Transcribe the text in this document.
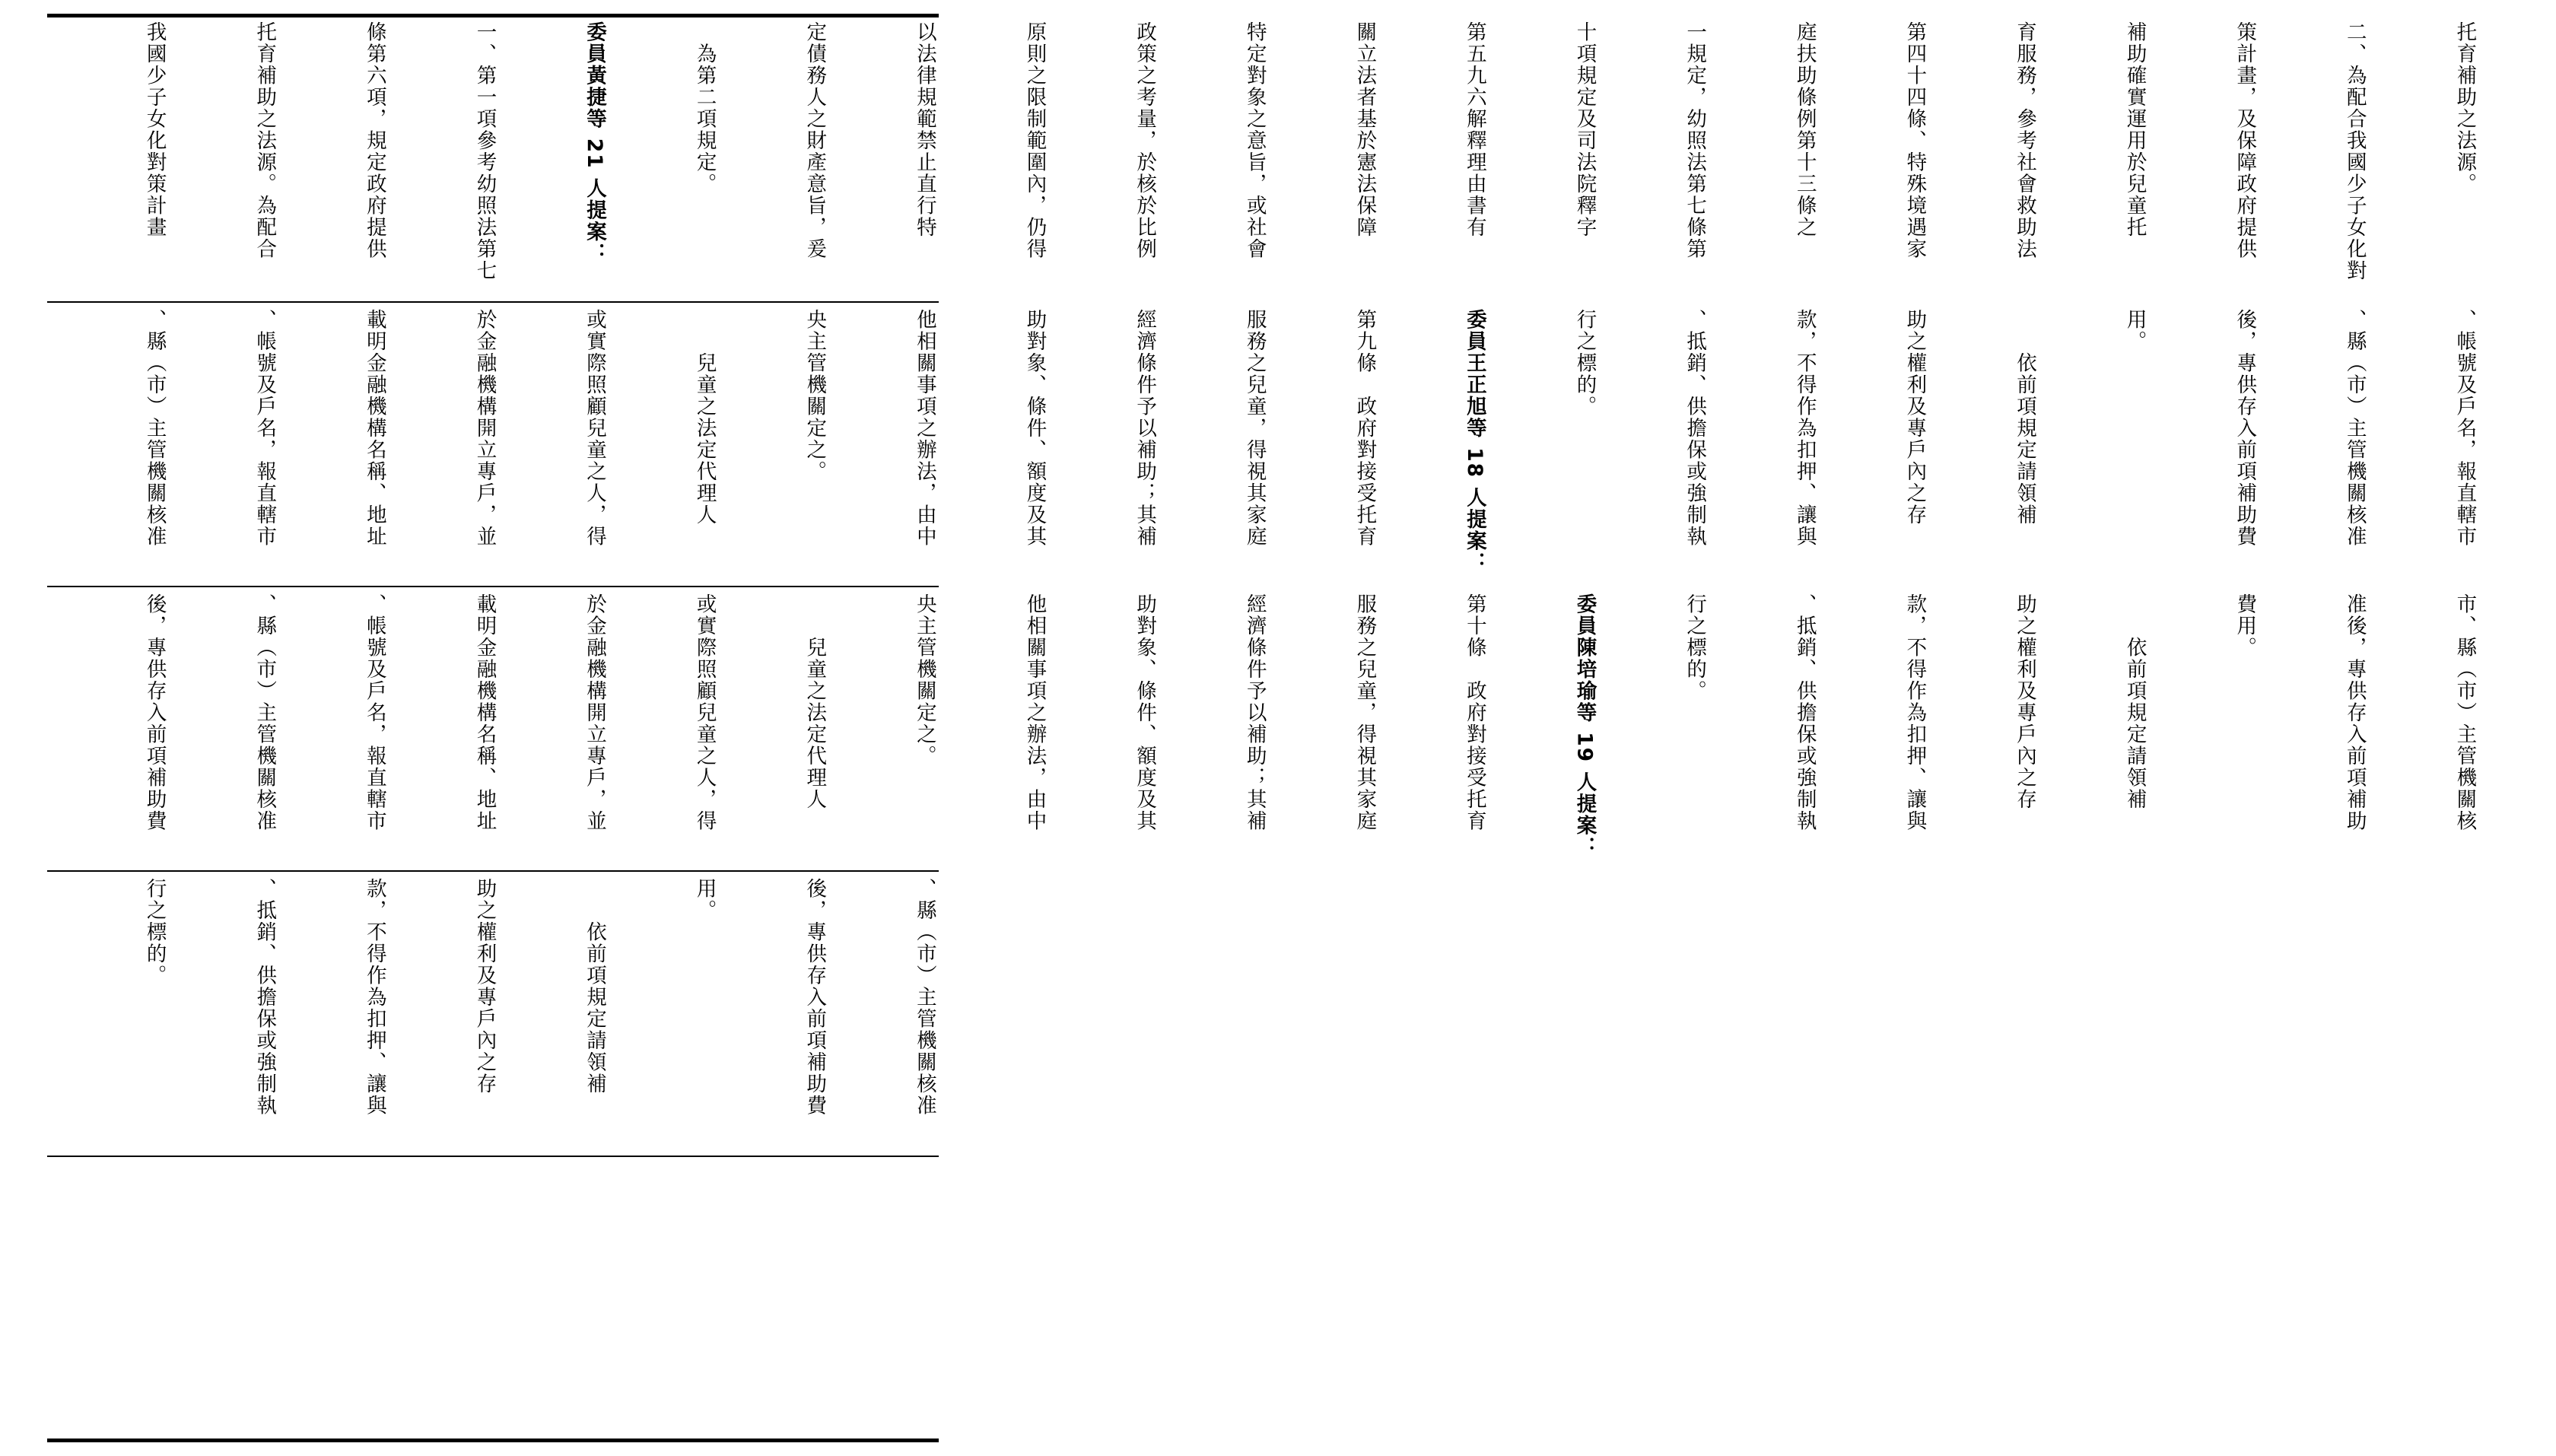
托育補助之法源。

二、為配合我國少子女化對

策計畫，及保障政府提供

補助確實運用於兒童托

育服務，參考社會救助法

第四十四條、特殊境遇家

庭扶助條例第十三條之

一規定，幼照法第七條第

十項規定及司法院釋字

第五九六解釋理由書有

關立法者基於憲法保障

特定對象之意旨，或社會

政策之考量，於核於比例

原則之限制範圍內，仍得

以法律規範禁止直行特

定債務人之財產意旨，爰

　為第二項規定。

委員黃捷等 21 人提案：

一、第一項參考幼照法第七

條第六項，規定政府提供

托育補助之法源。為配合

我國少子女化對策計畫

、帳號及戶名，報直轄市

、縣（市）主管機關核准

後，專供存入前項補助費

用。

　　依前項規定請領補

助之權利及專戶內之存

款，不得作為扣押、讓與

、抵銷、供擔保或強制執

行之標的。

委員王正旭等 18 人提案：

第九條　政府對接受托育

服務之兒童，得視其家庭

經濟條件予以補助；其補

助對象、條件、額度及其

他相關事項之辦法，由中

央主管機關定之。

　　兒童之法定代理人

或實際照顧兒童之人，得

於金融機構開立專戶，並

載明金融機構名稱、地址

、帳號及戶名，報直轄市

、縣（市）主管機關核准

市、縣（市）主管機關核

准後，專供存入前項補助

費用。

　　依前項規定請領補

助之權利及專戶內之存

款，不得作為扣押、讓與

、抵銷、供擔保或強制執

行之標的。

委員陳培瑜等 19 人提案：

第十條　政府對接受托育

服務之兒童，得視其家庭

經濟條件予以補助；其補

助對象、條件、額度及其

他相關事項之辦法，由中

央主管機關定之。

　　兒童之法定代理人

或實際照顧兒童之人，得

於金融機構開立專戶，並

載明金融機構名稱、地址

、帳號及戶名，報直轄市

、縣（市）主管機關核准

後，專供存入前項補助費

、縣（市）主管機關核准

後，專供存入前項補助費

用。

　　依前項規定請領補

助之權利及專戶內之存

款，不得作為扣押、讓與

、抵銷、供擔保或強制執

行之標的。
